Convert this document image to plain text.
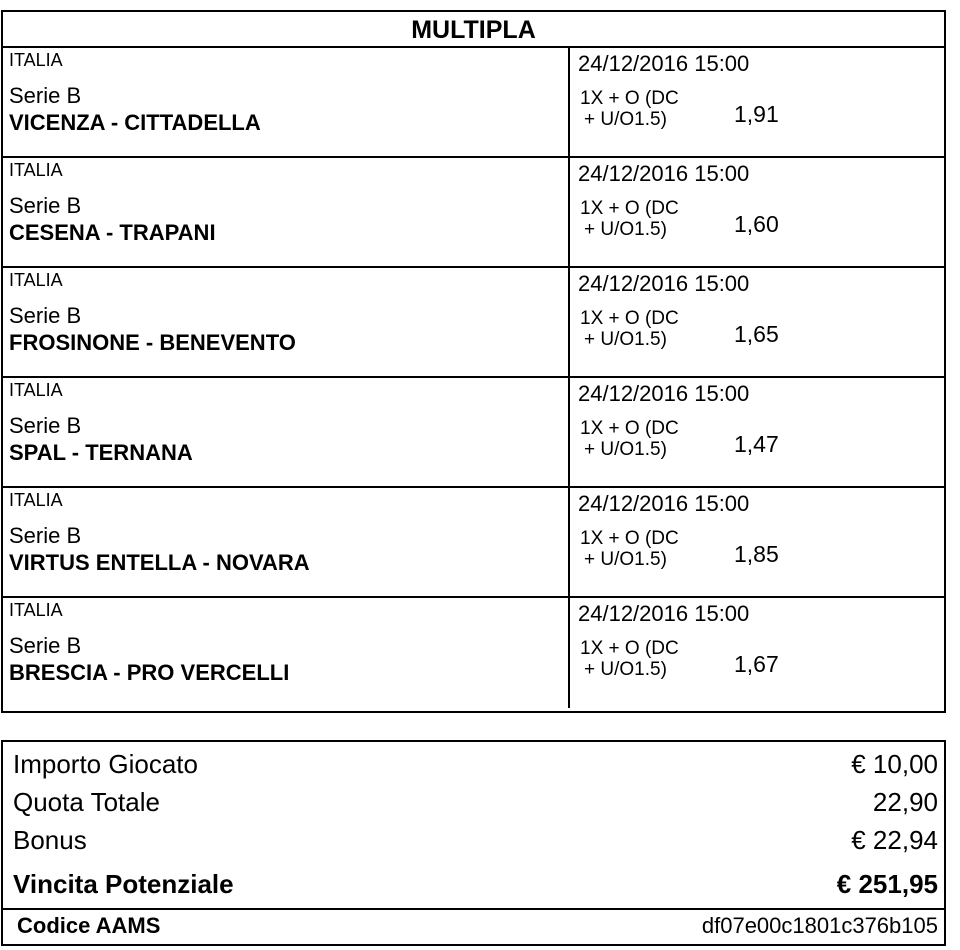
MULTIPLA
ITALIA
Serie B
VICENZA - CITTADELLA
24/12/2016 15:00
1X + O (DC
+ U/O1.5)	1,91
ITALIA
Serie B
CESENA - TRAPANI
24/12/2016 15:00
1X + O (DC
+ U/O1.5)	1,60
ITALIA
Serie B
FROSINONE - BENEVENTO
24/12/2016 15:00
1X + O (DC
+ U/O1.5)	1,65
ITALIA
Serie B
SPAL - TERNANA
24/12/2016 15:00
1X + O (DC
+ U/O1.5)	1,47
ITALIA
Serie B
VIRTUS ENTELLA - NOVARA
24/12/2016 15:00
1X + O (DC
+ U/O1.5)	1,85
ITALIA
Serie B
BRESCIA - PRO VERCELLI
24/12/2016 15:00
1X + O (DC
+ U/O1.5)	1,67
Importo Giocato	€ 10,00
Quota Totale	22,90
Bonus	€ 22,94
Vincita Potenziale	€ 251,95
Codice AAMS	df07e00c1801c376b105
